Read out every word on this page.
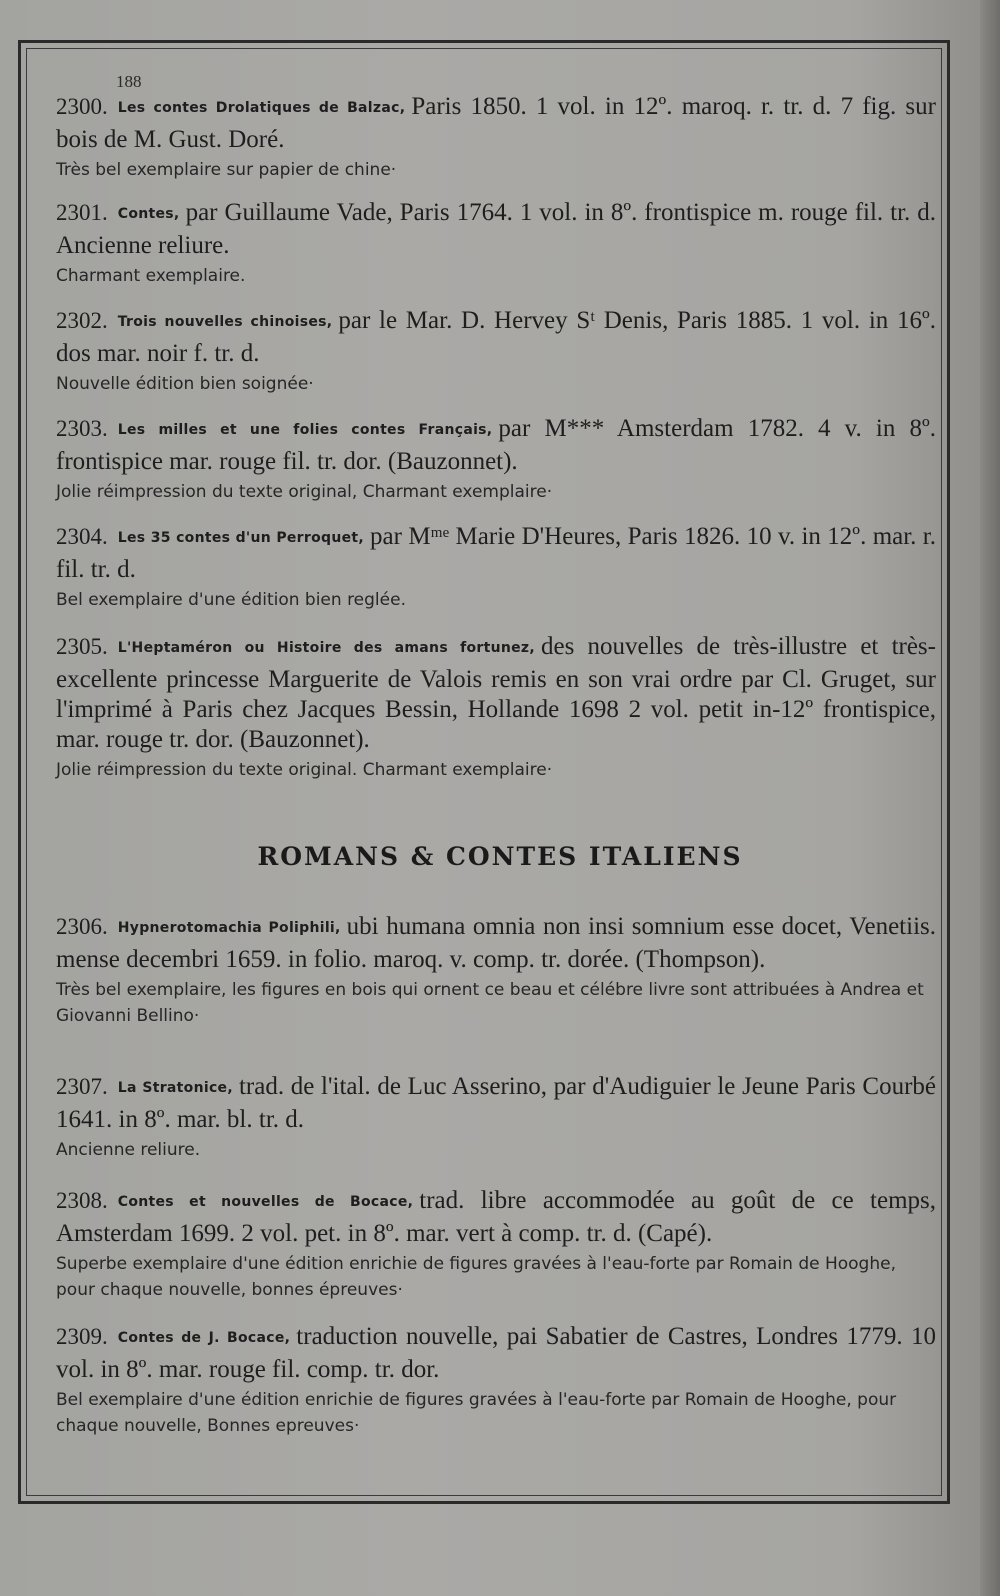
188

2300. Les contes Drolatiques de Balzac, Paris 1850. 1 vol. in 12º. maroq. r. tr. d. 7 fig. sur bois de M. Gust. Doré.

Très bel exemplaire sur papier de chine·

2301. Contes, par Guillaume Vade, Paris 1764. 1 vol. in 8º. frontispice m. rouge fil. tr. d. Ancienne reliure.

Charmant exemplaire.

2302. Trois nouvelles chinoises, par le Mar. D. Hervey Sᵗ Denis, Paris 1885. 1 vol. in 16º. dos mar. noir f. tr. d.

Nouvelle édition bien soignée·

2303. Les milles et une folies contes Français, par M*** Amsterdam 1782. 4 v. in 8º. frontispice mar. rouge fil. tr. dor. (Bauzonnet).

Jolie réimpression du texte original, Charmant exemplaire·

2304. Les 35 contes d'un Perroquet, par Mᵐᵉ Marie D'Heures, Paris 1826. 10 v. in 12º. mar. r. fil. tr. d.

Bel exemplaire d'une édition bien reglée.

2305. L'Heptaméron ou Histoire des amans fortunez, des nouvelles de très-illustre et très-excellente princesse Marguerite de Valois remis en son vrai ordre par Cl. Gruget, sur l'imprimé à Paris chez Jacques Bessin, Hollande 1698 2 vol. petit in-12º frontispice, mar. rouge tr. dor. (Bauzonnet).

Jolie réimpression du texte original. Charmant exemplaire·

ROMANS & CONTES ITALIENS

2306. Hypnerotomachia Poliphili, ubi humana omnia non insi somnium esse docet, Venetiis. mense decembri 1659. in folio. maroq. v. comp. tr. dorée. (Thompson).

Très bel exemplaire, les figures en bois qui ornent ce beau et célébre livre sont attribuées à Andrea et Giovanni Bellino·

2307. La Stratonice, trad. de l'ital. de Luc Asserino, par d'Audiguier le Jeune Paris Courbé 1641. in 8º. mar. bl. tr. d.

Ancienne reliure.

2308. Contes et nouvelles de Bocace, trad. libre accommodée au goût de ce temps, Amsterdam 1699. 2 vol. pet. in 8º. mar. vert à comp. tr. d. (Capé).

Superbe exemplaire d'une édition enrichie de figures gravées à l'eau-forte par Romain de Hooghe, pour chaque nouvelle, bonnes épreuves·

2309. Contes de J. Bocace, traduction nouvelle, pai Sabatier de Castres, Londres 1779. 10 vol. in 8º. mar. rouge fil. comp. tr. dor.

Bel exemplaire d'une édition enrichie de figures gravées à l'eau-forte par Romain de Hooghe, pour chaque nouvelle, Bonnes epreuves·
